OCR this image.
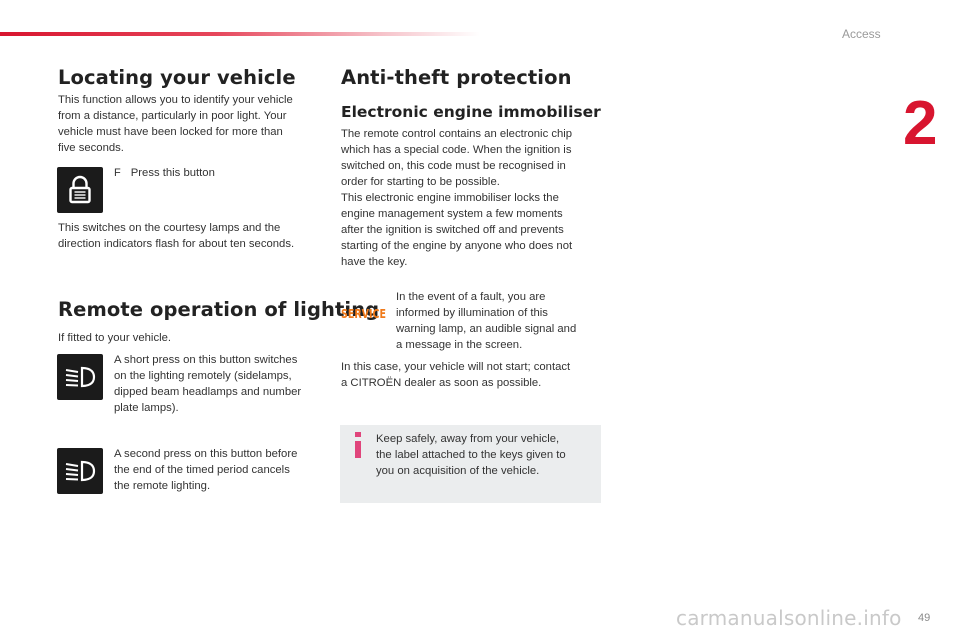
Access
2
Locating your vehicle

This function allows you to identify your vehicle
from a distance, particularly in poor light. Your
vehicle must have been locked for more than
five seconds.

F Press this button

This switches on the courtesy lamps and the
direction indicators flash for about ten seconds.

Remote operation of lighting

If fitted to your vehicle.

A short press on this button switches
on the lighting remotely (sidelamps,
dipped beam headlamps and number
plate lamps).

A second press on this button before
the end of the timed period cancels
the remote lighting.

Anti-theft protection
Electronic engine immobiliser

The remote control contains an electronic chip
which has a special code. When the ignition is
switched on, this code must be recognised in
order for starting to be possible.
This electronic engine immobiliser locks the
engine management system a few moments
after the ignition is switched off and prevents
starting of the engine by anyone who does not
have the key.

SERVICE

In the event of a fault, you are
informed by illumination of this
warning lamp, an audible signal and
a message in the screen.

In this case, your vehicle will not start; contact
a CITROËN dealer as soon as possible.

Keep safely, away from your vehicle,
the label attached to the keys given to
you on acquisition of the vehicle.

carmanualsonline.info 49
